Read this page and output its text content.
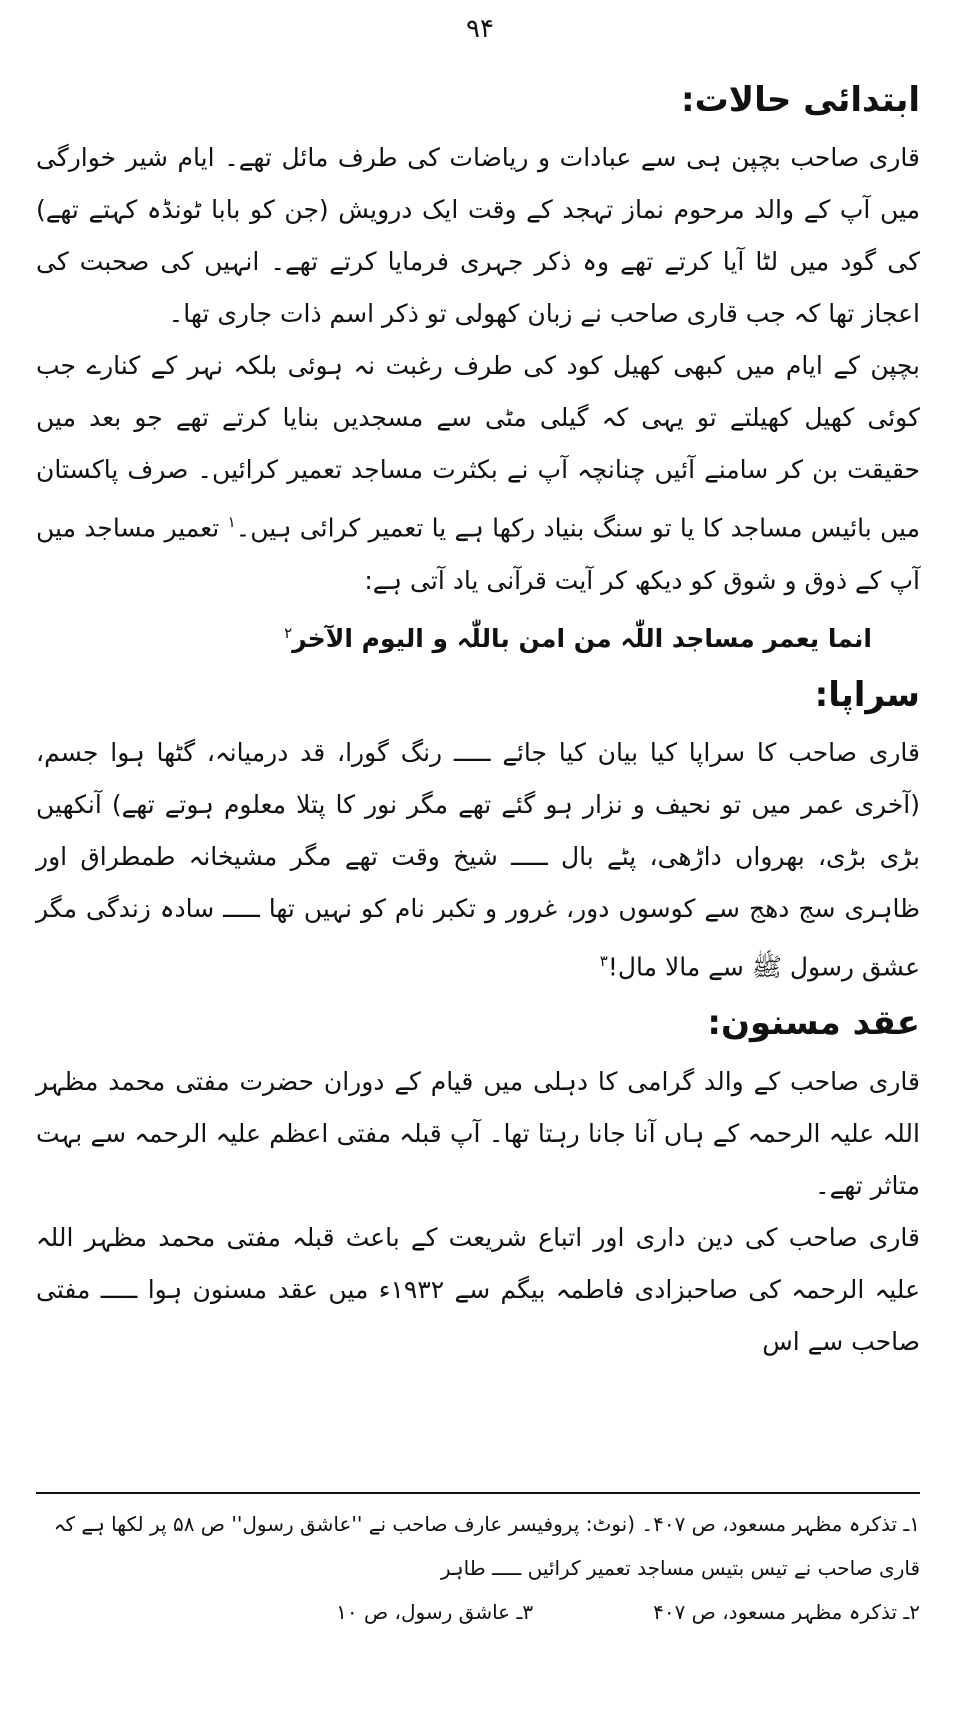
۹۴
ابتدائی حالات:

قاری صاحب بچپن ہی سے عبادات و ریاضات کی طرف مائل تھے۔ ایام شیر خوارگی میں آپ کے والد مرحوم نماز تہجد کے وقت ایک درویش (جن کو بابا ٹونڈہ کہتے تھے) کی گود میں لٹا آیا کرتے تھے وہ ذکر جہری فرمایا کرتے تھے۔ انہیں کی صحبت کی اعجاز تھا کہ جب قاری صاحب نے زبان کھولی تو ذکر اسم ذات جاری تھا۔

بچپن کے ایام میں کبھی کھیل کود کی طرف رغبت نہ ہوئی بلکہ نہر کے کنارے جب کوئی کھیل کھیلتے تو یہی کہ گیلی مٹی سے مسجدیں بنایا کرتے تھے جو بعد میں حقیقت بن کر سامنے آئیں چنانچہ آپ نے بکثرت مساجد تعمیر کرائیں۔ صرف پاکستان میں بائیس مساجد کا یا تو سنگ بنیاد رکھا ہے یا تعمیر کرائی ہیں۔$^۱$ تعمیر مساجد میں آپ کے ذوق و شوق کو دیکھ کر آیت قرآنی یاد آتی ہے:

انما یعمر مساجد اللّٰہ من امن باللّٰہ و الیوم الآخر$^۲$

سراپا:

قاری صاحب کا سراپا کیا بیان کیا جائے ـــــ رنگ گورا، قد درمیانہ، گٹھا ہوا جسم، (آخری عمر میں تو نحیف و نزار ہو گئے تھے مگر نور کا پتلا معلوم ہوتے تھے) آنکھیں بڑی بڑی، بھرواں داڑھی، پٹے بال ـــــ شیخ وقت تھے مگر مشیخانہ طمطراق اور ظاہری سج دھج سے کوسوں دور، غرور و تکبر نام کو نہیں تھا ـــــ سادہ زندگی مگر عشق رسول ﷺ سے مالا مال!$^۳$

عقد مسنون:

قاری صاحب کے والد گرامی کا دہلی میں قیام کے دوران حضرت مفتی محمد مظہر اللہ علیہ الرحمہ کے ہاں آنا جانا رہتا تھا۔ آپ قبلہ مفتی اعظم علیہ الرحمہ سے بہت متاثر تھے۔

قاری صاحب کی دین داری اور اتباع شریعت کے باعث قبلہ مفتی محمد مظہر اللہ علیہ الرحمہ کی صاحبزادی فاطمہ بیگم سے ۱۹۳۲ء میں عقد مسنون ہوا ـــــ مفتی صاحب سے اس

۱ـ تذکرہ مظہر مسعود، ص ۴۰۷۔ (نوٹ: پروفیسر عارف صاحب نے ''عاشق رسول'' ص ۵۸ پر لکھا ہے کہ قاری صاحب نے تیس بتیس مساجد تعمیر کرائیں ـــــ طاہر

۲ـ تذکرہ مظہر مسعود، ص ۴۰۷
۳ـ عاشق رسول، ص ۱۰
